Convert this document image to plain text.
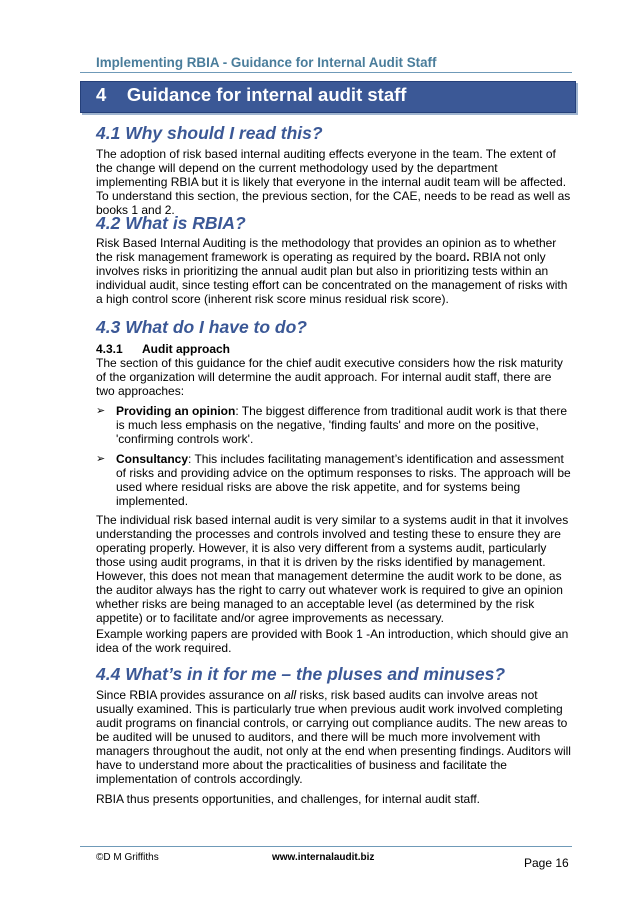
Implementing RBIA - Guidance for Internal Audit Staff
4    Guidance for internal audit staff
4.1 Why should I read this?

The adoption of risk based internal auditing effects everyone in the team. The extent of the change will depend on the current methodology used by the department implementing RBIA but it is likely that everyone in the internal audit team will be affected. To understand this section, the previous section, for the CAE, needs to be read as well as books 1 and 2.

4.2 What is RBIA?

Risk Based Internal Auditing is the methodology that provides an opinion as to whether the risk management framework is operating as required by the board. RBIA not only involves risks in prioritizing the annual audit plan but also in prioritizing tests within an individual audit, since testing effort can be concentrated on the management of risks with a high control score (inherent risk score minus residual risk score).

4.3 What do I have to do?
4.3.1 Audit approach

The section of this guidance for the chief audit executive considers how the risk maturity of the organization will determine the audit approach. For internal audit staff, there are two approaches:

➢ Providing an opinion: The biggest difference from traditional audit work is that there is much less emphasis on the negative, 'finding faults' and more on the positive, 'confirming controls work'.
➢ Consultancy: This includes facilitating management’s identification and assessment of risks and providing advice on the optimum responses to risks. The approach will be used where residual risks are above the risk appetite, and for systems being implemented.

The individual risk based internal audit is very similar to a systems audit in that it involves understanding the processes and controls involved and testing these to ensure they are operating properly. However, it is also very different from a systems audit, particularly those using audit programs, in that it is driven by the risks identified by management. However, this does not mean that management determine the audit work to be done, as the auditor always has the right to carry out whatever work is required to give an opinion whether risks are being managed to an acceptable level (as determined by the risk appetite) or to facilitate and/or agree improvements as necessary.

Example working papers are provided with Book 1 -An introduction, which should give an idea of the work required.

4.4 What’s in it for me – the pluses and minuses?

Since RBIA provides assurance on all risks, risk based audits can involve areas not usually examined. This is particularly true when previous audit work involved completing audit programs on financial controls, or carrying out compliance audits. The new areas to be audited will be unused to auditors, and there will be much more involvement with managers throughout the audit, not only at the end when presenting findings. Auditors will have to understand more about the practicalities of business and facilitate the implementation of controls accordingly.

RBIA thus presents opportunities, and challenges, for internal audit staff.

©D M Griffiths	www.internalaudit.biz	Page 16
